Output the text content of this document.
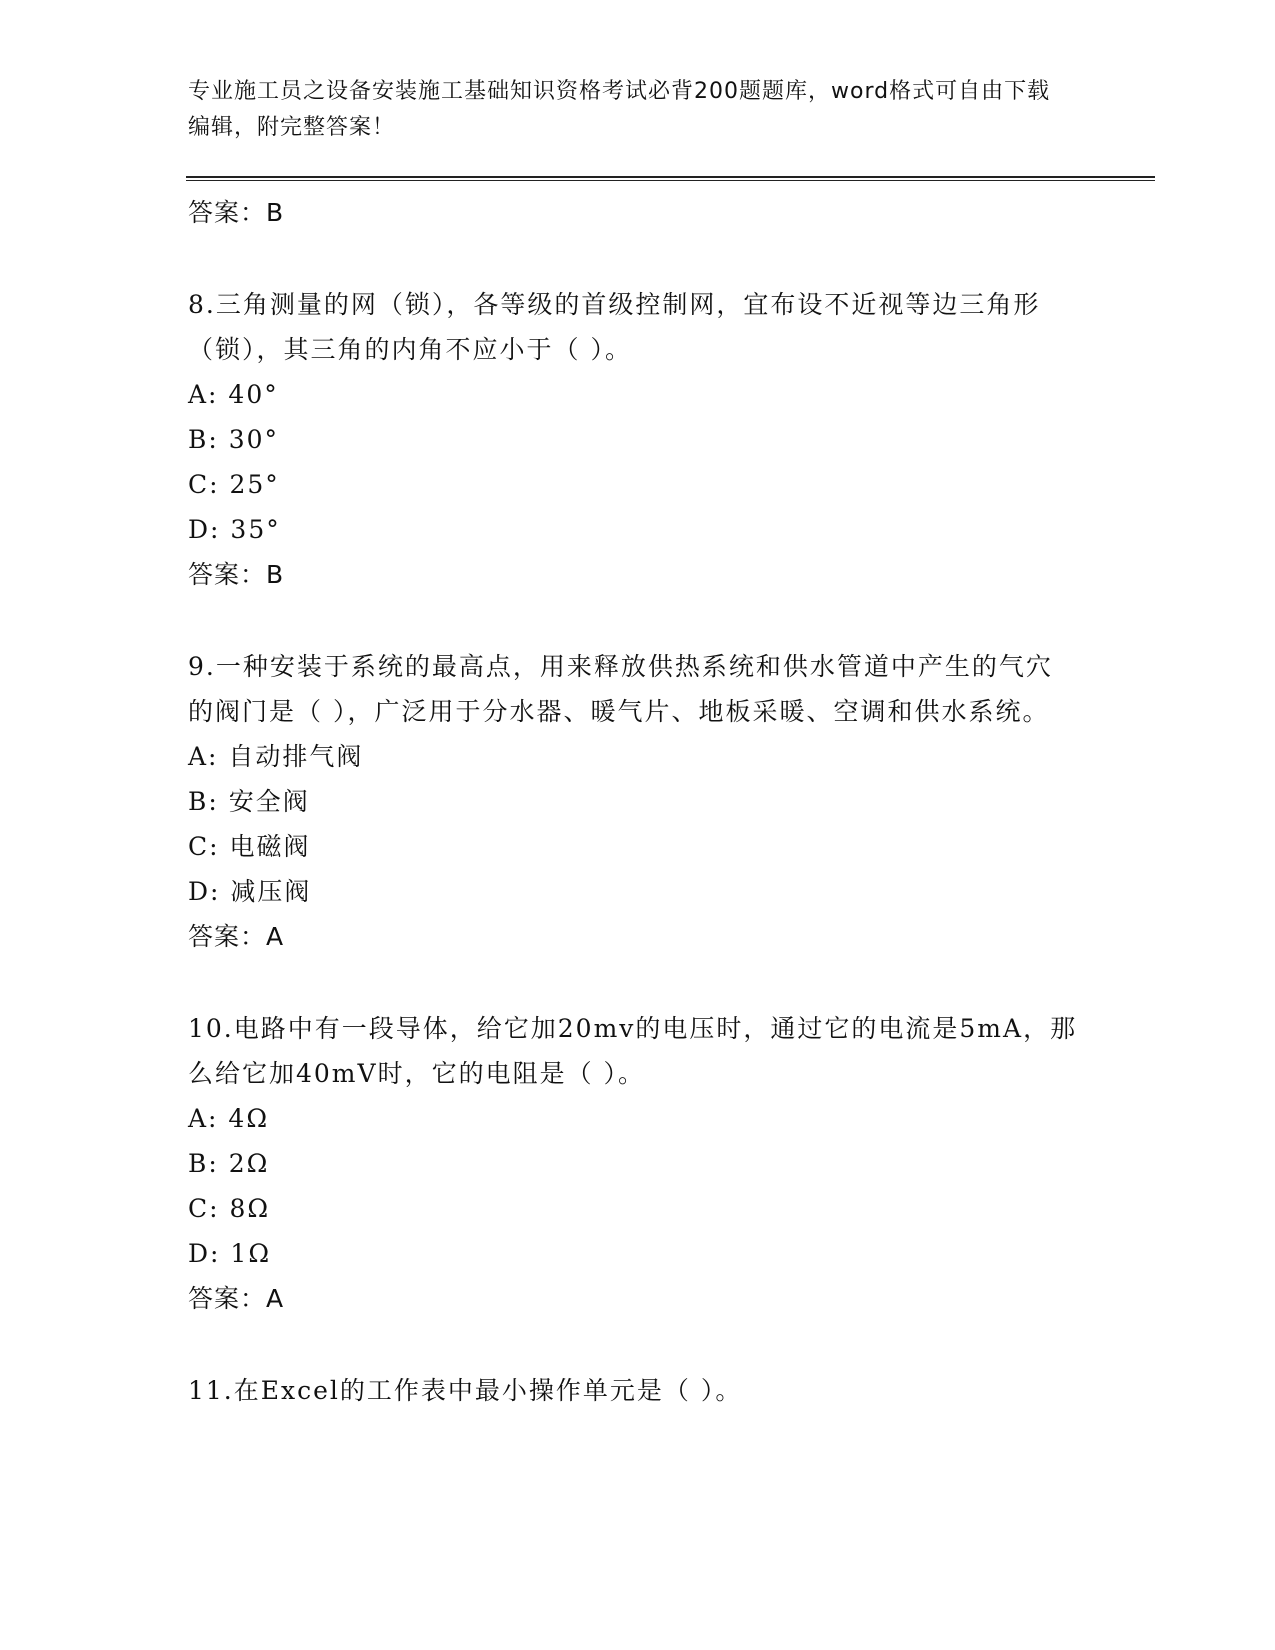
专业施工员之设备安装施工基础知识资格考试必背200题题库，word格式可自由下载编辑，附完整答案！
答案：B
8.三角测量的网（锁），各等级的首级控制网，宜布设不近视等边三角形（锁），其三角的内角不应小于（ ）。
A: 40°
B: 30°
C: 25°
D: 35°
答案：B
9.一种安装于系统的最高点，用来释放供热系统和供水管道中产生的气穴的阀门是（ ），广泛用于分水器、暖气片、地板采暖、空调和供水系统。
A: 自动排气阀
B: 安全阀
C: 电磁阀
D: 减压阀
答案：A
10.电路中有一段导体，给它加20mv的电压时，通过它的电流是5mA，那么给它加40mV时，它的电阻是（ ）。
A: 4Ω
B: 2Ω
C: 8Ω
D: 1Ω
答案：A
11.在Excel的工作表中最小操作单元是（ ）。
